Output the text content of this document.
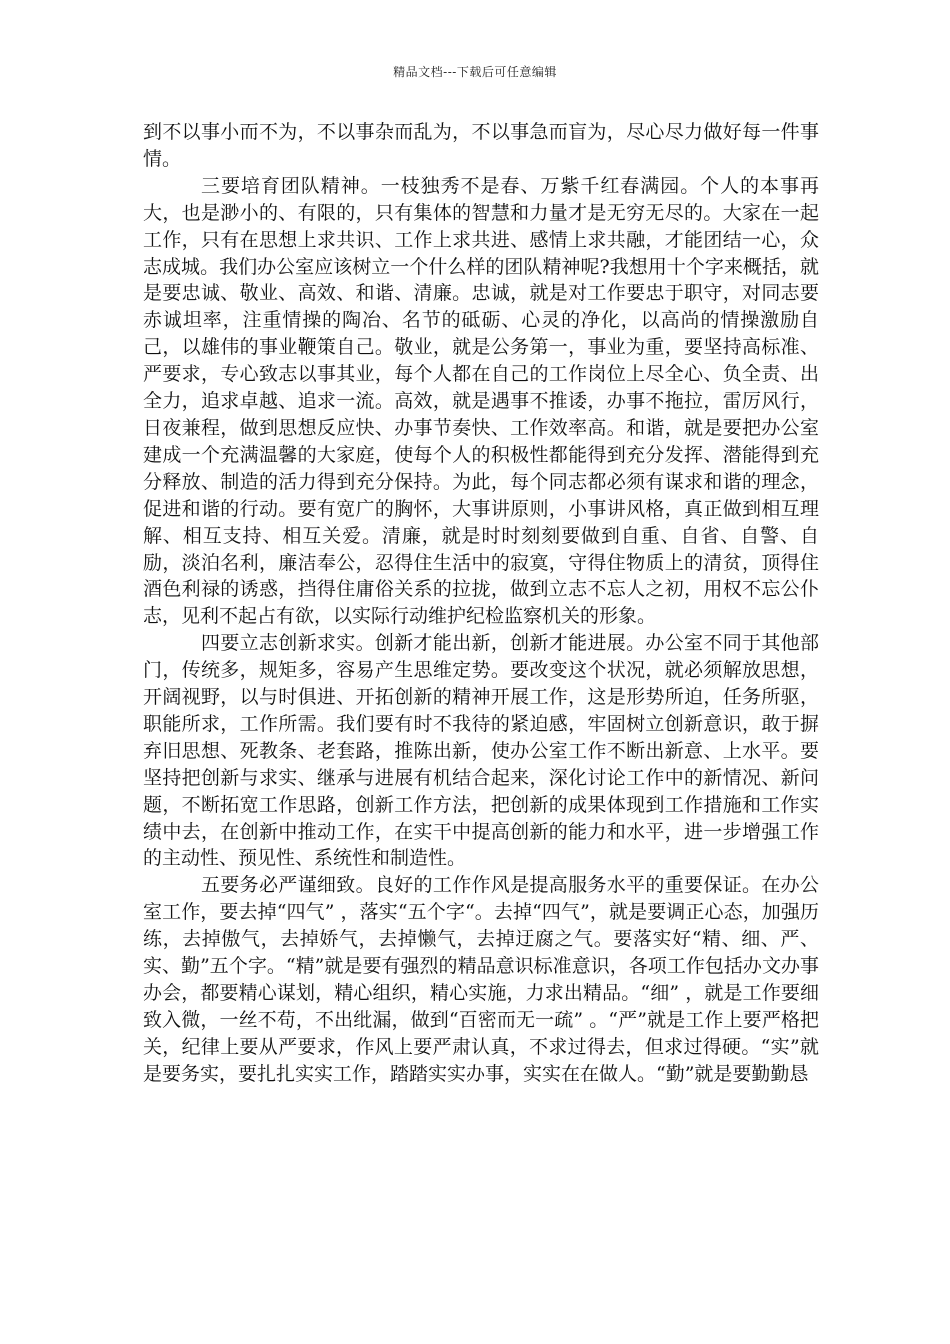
精品文档---下载后可任意编辑

到不以事小而不为，不以事杂而乱为，不以事急而盲为，尽心尽力做好每一件事情。

三要培育团队精神。一枝独秀不是春、万紫千红春满园。个人的本事再大，也是渺小的、有限的，只有集体的智慧和力量才是无穷无尽的。大家在一起工作，只有在思想上求共识、工作上求共进、感情上求共融，才能团结一心，众志成城。我们办公室应该树立一个什么样的团队精神呢?我想用十个字来概括，就是要忠诚、敬业、高效、和谐、清廉。忠诚，就是对工作要忠于职守，对同志要赤诚坦率，注重情操的陶冶、名节的砥砺、心灵的净化，以高尚的情操激励自己，以雄伟的事业鞭策自己。敬业，就是公务第一，事业为重，要坚持高标准、严要求，专心致志以事其业，每个人都在自己的工作岗位上尽全心、负全责、出全力，追求卓越、追求一流。高效，就是遇事不推诿，办事不拖拉，雷厉风行，日夜兼程，做到思想反应快、办事节奏快、工作效率高。和谐，就是要把办公室建成一个充满温馨的大家庭，使每个人的积极性都能得到充分发挥、潜能得到充分释放、制造的活力得到充分保持。为此，每个同志都必须有谋求和谐的理念，促进和谐的行动。要有宽广的胸怀，大事讲原则，小事讲风格，真正做到相互理解、相互支持、相互关爱。清廉，就是时时刻刻要做到自重、自省、自警、自励，淡泊名利，廉洁奉公，忍得住生活中的寂寞，守得住物质上的清贫，顶得住酒色利禄的诱惑，挡得住庸俗关系的拉拢，做到立志不忘人之初，用权不忘公仆志，见利不起占有欲，以实际行动维护纪检监察机关的形象。

四要立志创新求实。创新才能出新，创新才能进展。办公室不同于其他部门，传统多，规矩多，容易产生思维定势。要改变这个状况，就必须解放思想，开阔视野，以与时俱进、开拓创新的精神开展工作，这是形势所迫，任务所驱，职能所求，工作所需。我们要有时不我待的紧迫感，牢固树立创新意识，敢于摒弃旧思想、死教条、老套路，推陈出新，使办公室工作不断出新意、上水平。要坚持把创新与求实、继承与进展有机结合起来，深化讨论工作中的新情况、新问题，不断拓宽工作思路，创新工作方法，把创新的成果体现到工作措施和工作实绩中去，在创新中推动工作，在实干中提高创新的能力和水平，进一步增强工作的主动性、预见性、系统性和制造性。

五要务必严谨细致。良好的工作作风是提高服务水平的重要保证。在办公室工作，要去掉“四气” ，落实“五个字“。去掉“四气”，就是要调正心态，加强历练，去掉傲气，去掉娇气，去掉懒气，去掉迂腐之气。要落实好“精、细、严、实、勤”五个字。“精”就是要有强烈的精品意识标准意识，各项工作包括办文办事办会，都要精心谋划，精心组织，精心实施，力求出精品。“细” ，就是工作要细致入微，一丝不苟，不出纰漏，做到“百密而无一疏” 。“严”就是工作上要严格把关，纪律上要从严要求，作风上要严肃认真，不求过得去，但求过得硬。“实”就是要务实，要扎扎实实工作，踏踏实实办事，实实在在做人。“勤”就是要勤勤恳
